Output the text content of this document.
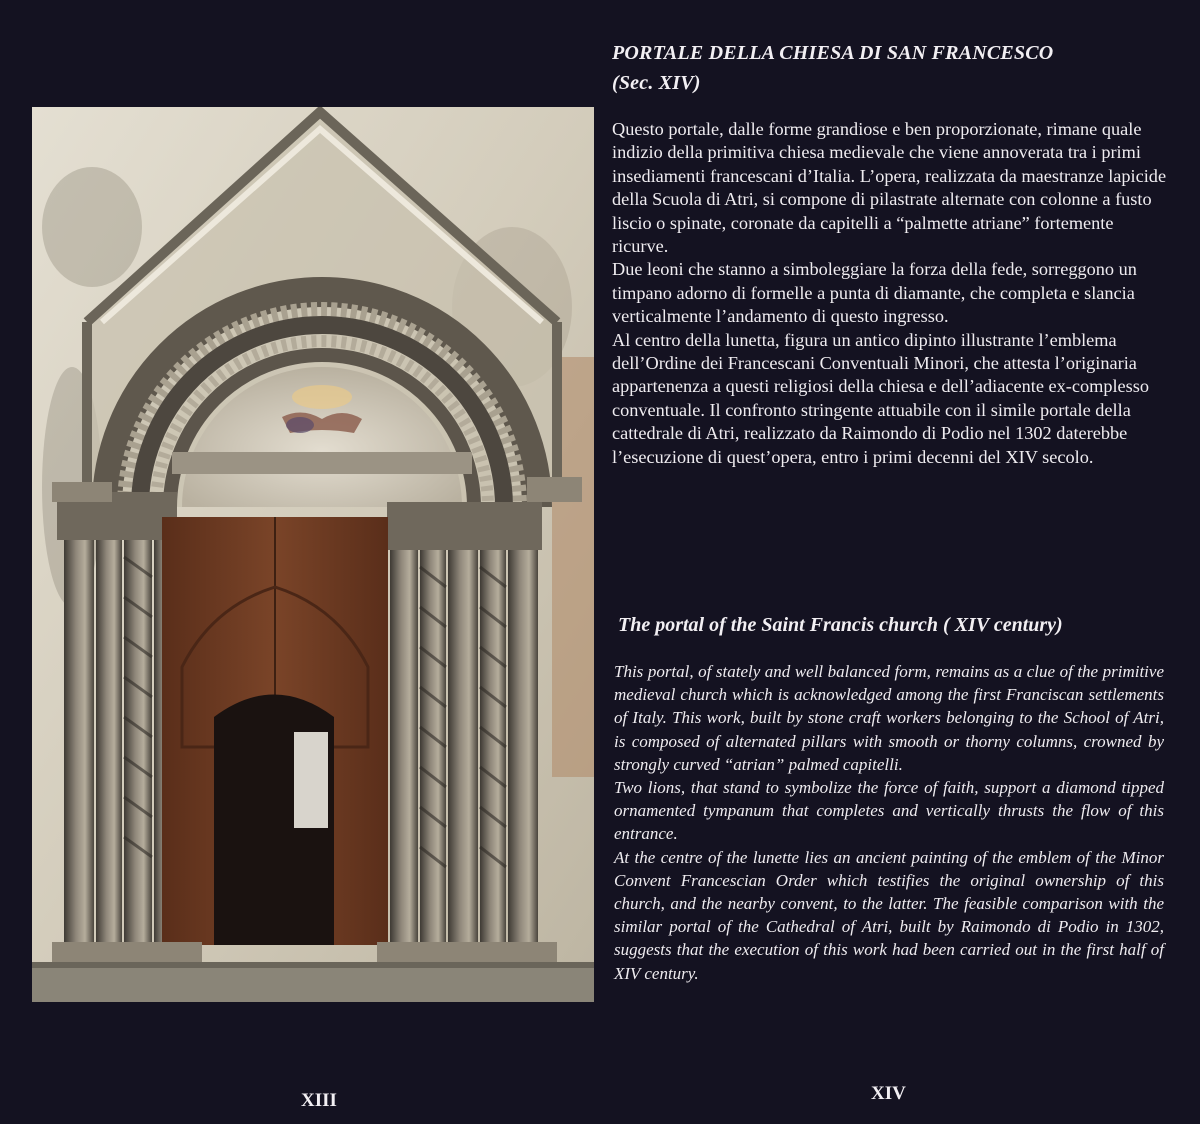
PORTALE DELLA CHIESA DI SAN FRANCESCO
(Sec. XIV)

Questo portale, dalle forme grandiose e ben proporzionate, rimane quale indizio della primitiva chiesa medievale che viene annoverata tra i primi insediamenti francescani d’Italia. L’opera, realizzata da maestranze lapicide della Scuola di Atri, si compone di pilastrate alternate con colonne a fusto liscio o spinate, coronate da capitelli a “palmette atriane” fortemente ricurve.

Due leoni che stanno a simboleggiare la forza della fede, sorreggono un timpano adorno di formelle a punta di diamante, che completa e slancia verticalmente l’andamento di questo ingresso.

Al centro della lunetta, figura un antico dipinto illustrante l’emblema dell’Ordine dei Francescani Conventuali Minori, che attesta l’originaria appartenenza a questi religiosi della chiesa e dell’adiacente ex-complesso conventuale. Il confronto stringente attuabile con il simile portale della cattedrale di Atri, realizzato da Raimondo di Podio nel 1302 daterebbe l’esecuzione di quest’opera, entro i primi decenni del XIV secolo.

The portal of the Saint Francis church ( XIV century)

This portal, of stately and well balanced form, remains as a clue of the primitive medieval church which is acknowledged among the first Franciscan settlements of Italy. This work, built by stone craft workers belonging to the School of Atri, is composed of alternated pillars with smooth or thorny columns, crowned by strongly curved “atrian” palmed capitelli.

Two lions, that stand to symbolize the force of faith, support a diamond tipped ornamented tympanum that completes and vertically thrusts the flow of this entrance.

At the centre of the lunette lies an ancient painting of the emblem of the Minor Convent Francescian Order which testifies the original ownership of this church, and the nearby convent, to the latter. The feasible comparison with the similar portal of the Cathedral of Atri, built by Raimondo di Podio in 1302, suggests that the execution of this work had been carried out in the first half of XIV century.

XIII	XIV
